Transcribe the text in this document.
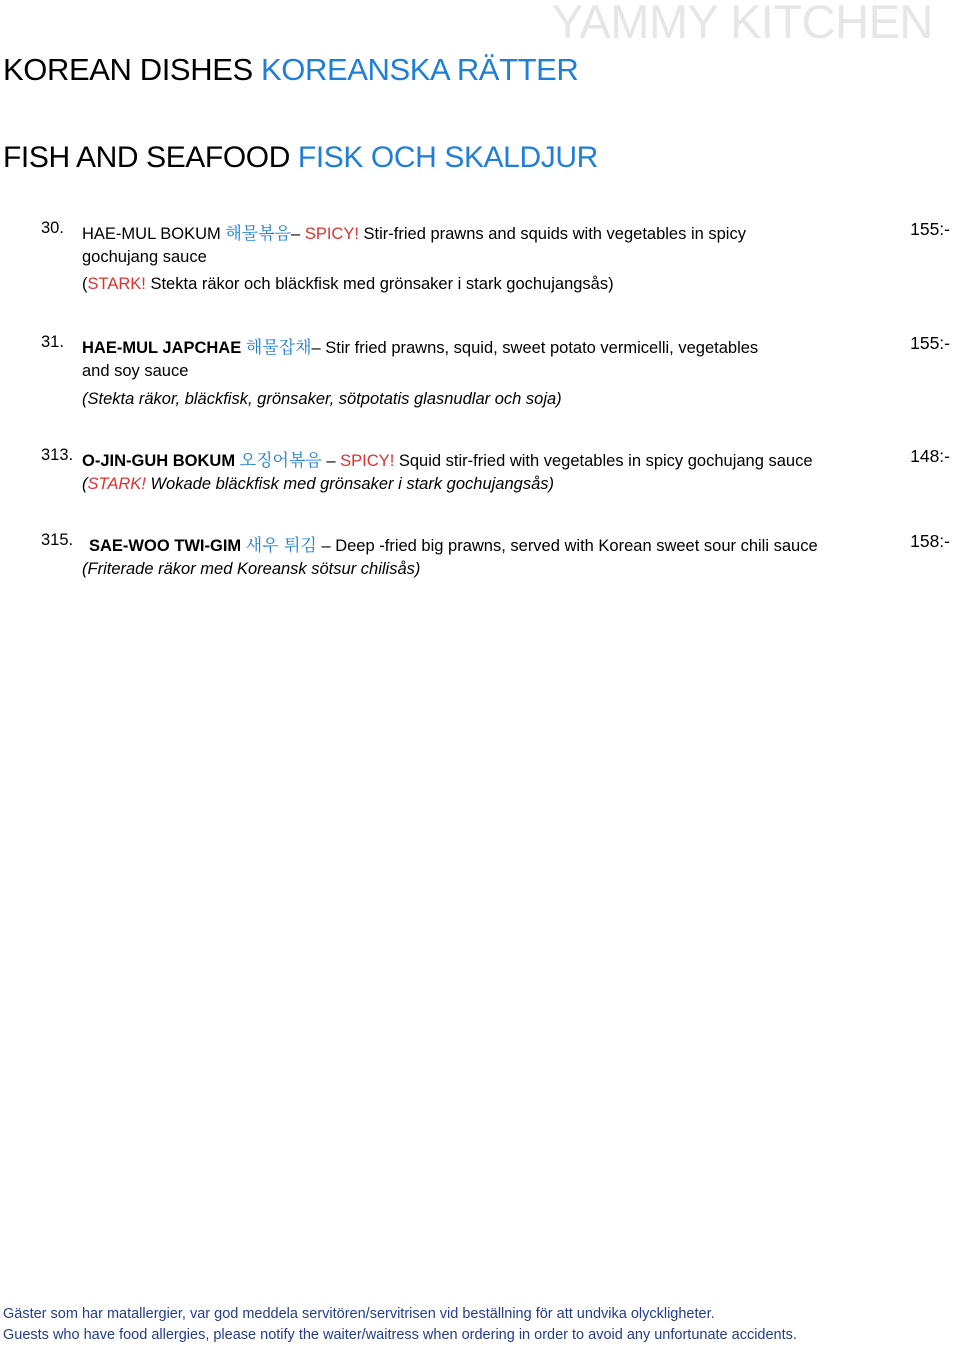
YAMMY KITCHEN
KOREAN DISHES KOREANSKA RÄTTER
FISH AND SEAFOOD FISK OCH SKALDJUR
30. HAE-MUL BOKUM 해물볶음– SPICY! Stir-fried prawns and squids with vegetables in spicy
gochujang sauce
(STARK! Stekta räkor och bläckfisk med grönsaker i stark gochujangsås)
155:-
31. HAE-MUL JAPCHAE 해물잡채– Stir fried prawns, squid, sweet potato vermicelli, vegetables
and soy sauce
(Stekta räkor, bläckfisk, grönsaker, sötpotatis glasnudlar och soja)
155:-
313. O-JIN-GUH BOKUM 오징어볶음 – SPICY! Squid stir-fried with vegetables in spicy gochujang sauce
(STARK! Wokade bläckfisk med grönsaker i stark gochujangsås)
148:-
315. SAE-WOO TWI-GIM 새우 튀김 – Deep -fried big prawns, served with Korean sweet sour chili sauce
(Friterade räkor med Koreansk sötsur chilisås)
158:-
Gäster som har matallergier, var god meddela servitören/servitrisen vid beställning för att undvika olyckligheter.
Guests who have food allergies, please notify the waiter/waitress when ordering in order to avoid any unfortunate accidents.
